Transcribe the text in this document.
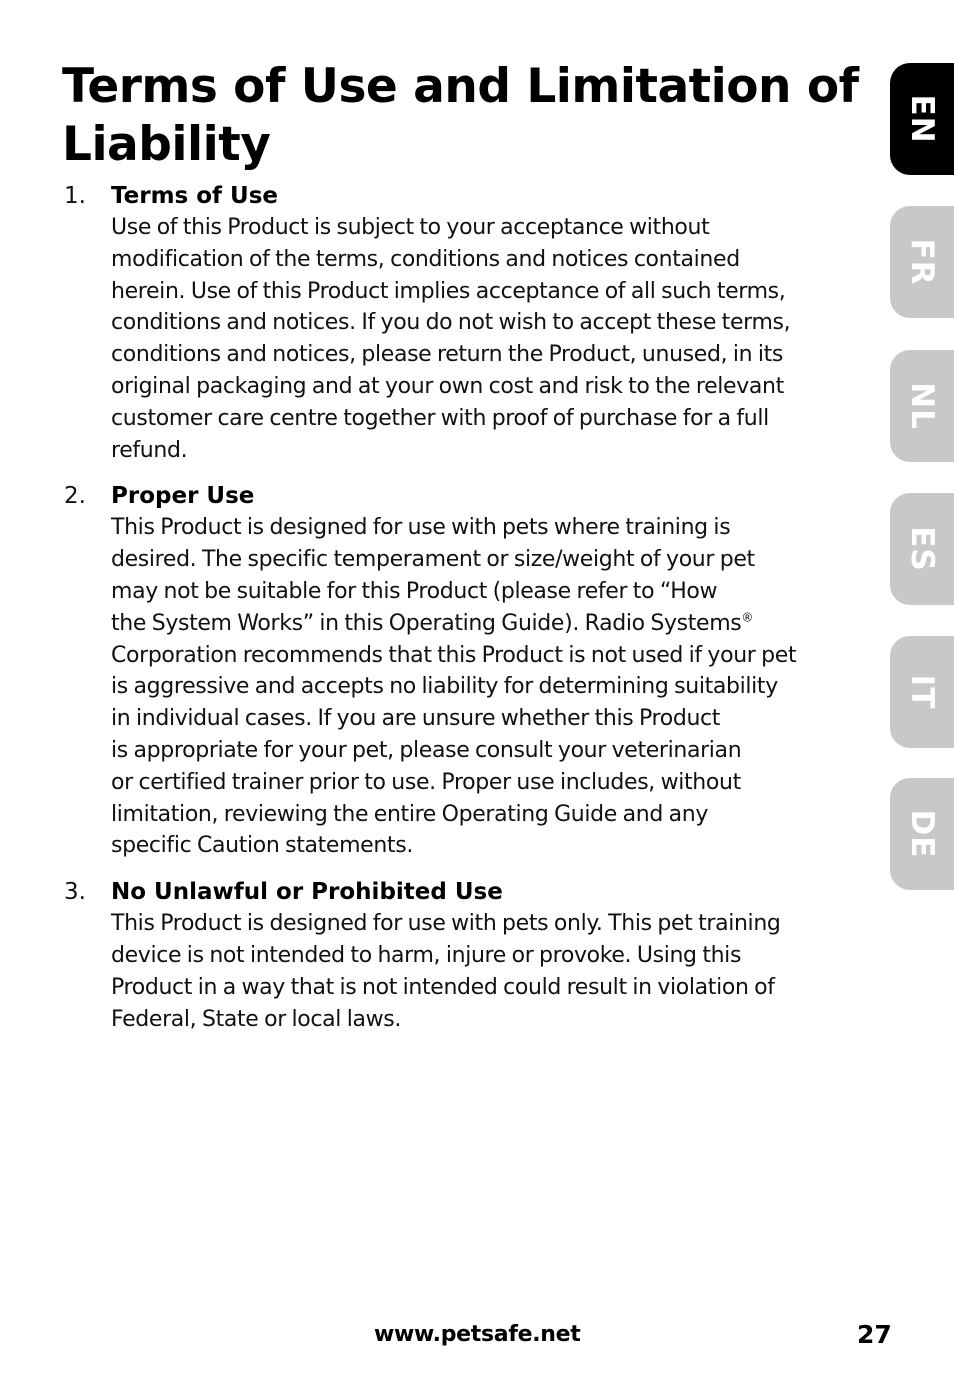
Terms of Use and Limitation of Liability
1. Terms of Use
Use of this Product is subject to your acceptance without
modification of the terms, conditions and notices contained
herein. Use of this Product implies acceptance of all such terms,
conditions and notices. If you do not wish to accept these terms,
conditions and notices, please return the Product, unused, in its
original packaging and at your own cost and risk to the relevant
customer care centre together with proof of purchase for a full
refund.
2. Proper Use
This Product is designed for use with pets where training is
desired. The specific temperament or size/weight of your pet
may not be suitable for this Product (please refer to “How
the System Works” in this Operating Guide). Radio Systems®
Corporation recommends that this Product is not used if your pet
is aggressive and accepts no liability for determining suitability
in individual cases. If you are unsure whether this Product
is appropriate for your pet, please consult your veterinarian
or certified trainer prior to use. Proper use includes, without
limitation, reviewing the entire Operating Guide and any
specific Caution statements.
3. No Unlawful or Prohibited Use
This Product is designed for use with pets only. This pet training
device is not intended to harm, injure or provoke. Using this
Product in a way that is not intended could result in violation of
Federal, State or local laws.
EN
FR
NL
ES
IT
DE
www.petsafe.net	27
